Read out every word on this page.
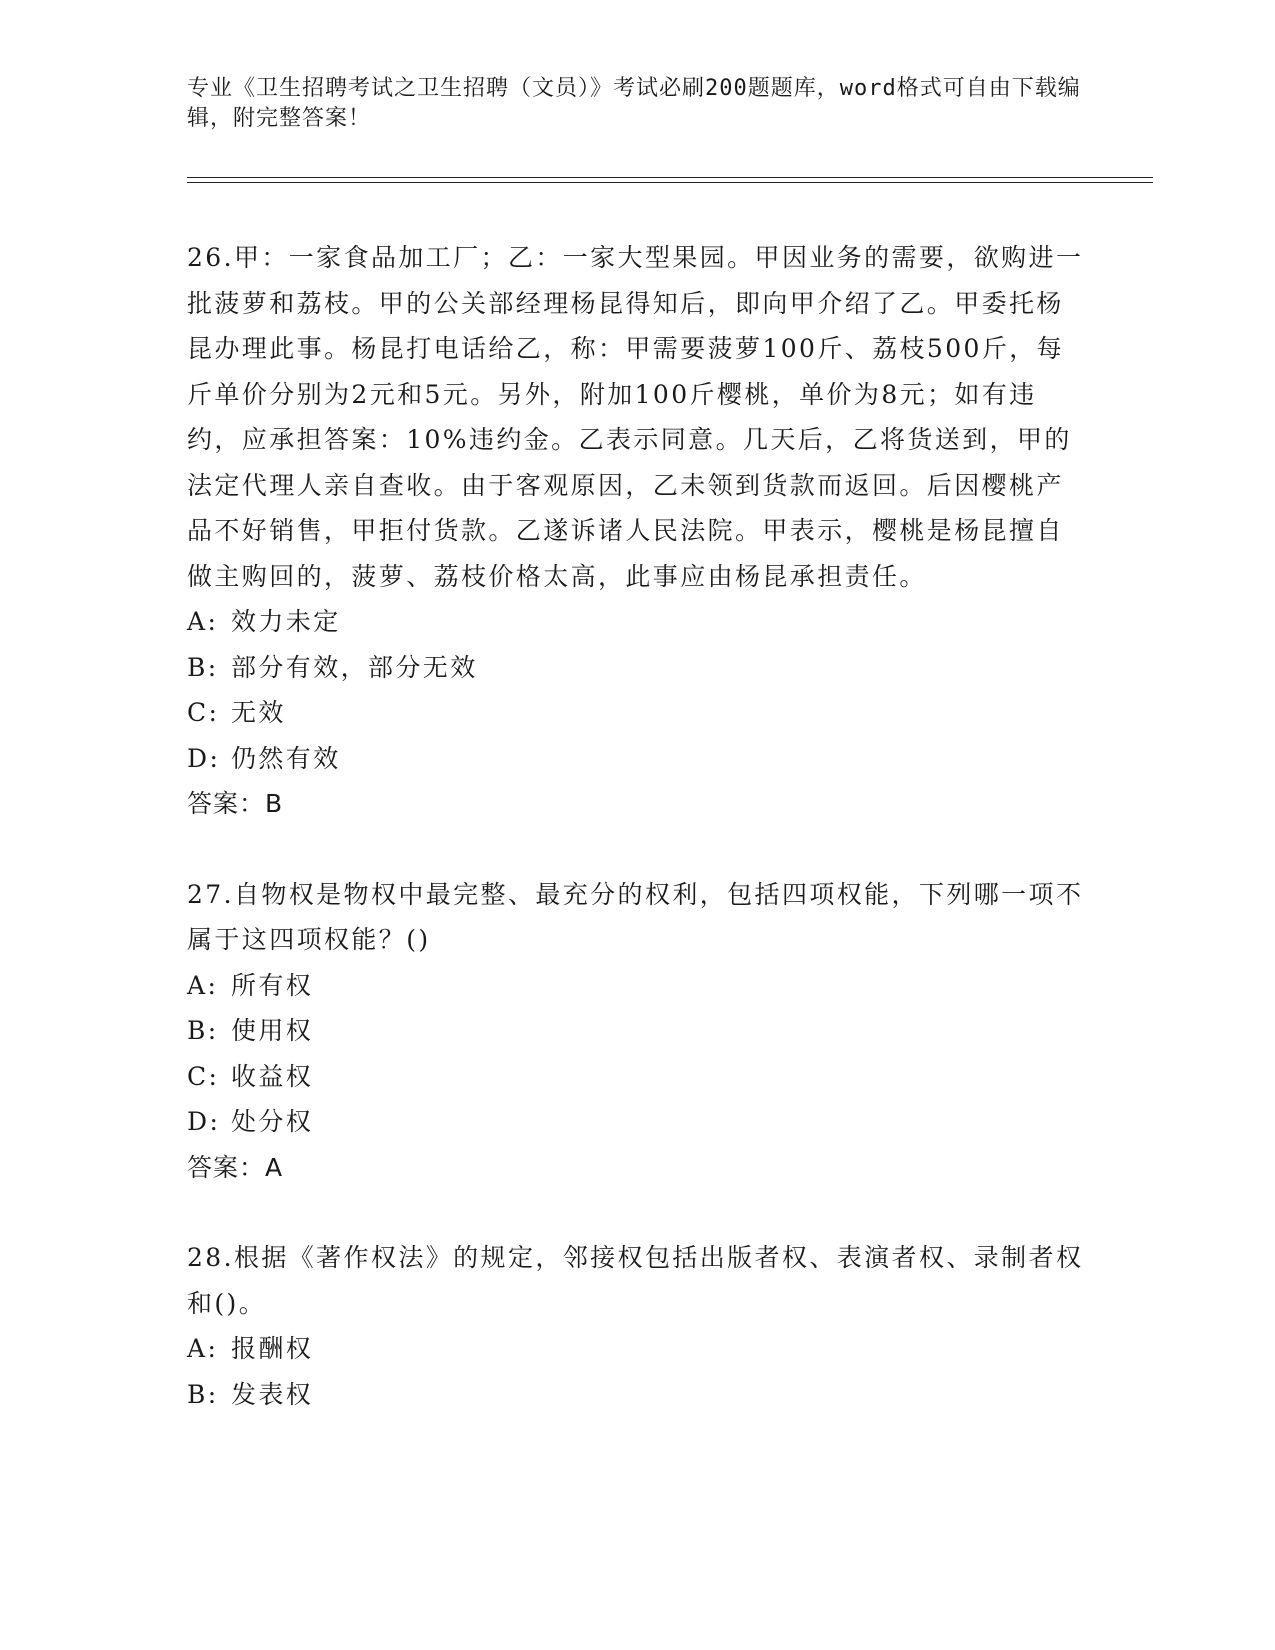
专业《卫生招聘考试之卫生招聘（文员）》考试必刷200题题库，word格式可自由下载编辑，附完整答案！

26.甲：一家食品加工厂；乙：一家大型果园。甲因业务的需要，欲购进一批菠萝和荔枝。甲的公关部经理杨昆得知后，即向甲介绍了乙。甲委托杨昆办理此事。杨昆打电话给乙，称：甲需要菠萝100斤、荔枝500斤，每斤单价分别为2元和5元。另外，附加100斤樱桃，单价为8元；如有违约，应承担答案：10%违约金。乙表示同意。几天后，乙将货送到，甲的法定代理人亲自查收。由于客观原因，乙未领到货款而返回。后因樱桃产品不好销售，甲拒付货款。乙遂诉诸人民法院。甲表示，樱桃是杨昆擅自做主购回的，菠萝、荔枝价格太高，此事应由杨昆承担责任。

A: 效力未定

B: 部分有效，部分无效

C: 无效

D: 仍然有效

答案：B

27.自物权是物权中最完整、最充分的权利，包括四项权能，下列哪一项不属于这四项权能？()

A: 所有权

B: 使用权

C: 收益权

D: 处分权

答案：A

28.根据《著作权法》的规定，邻接权包括出版者权、表演者权、录制者权和()。

A: 报酬权

B: 发表权
